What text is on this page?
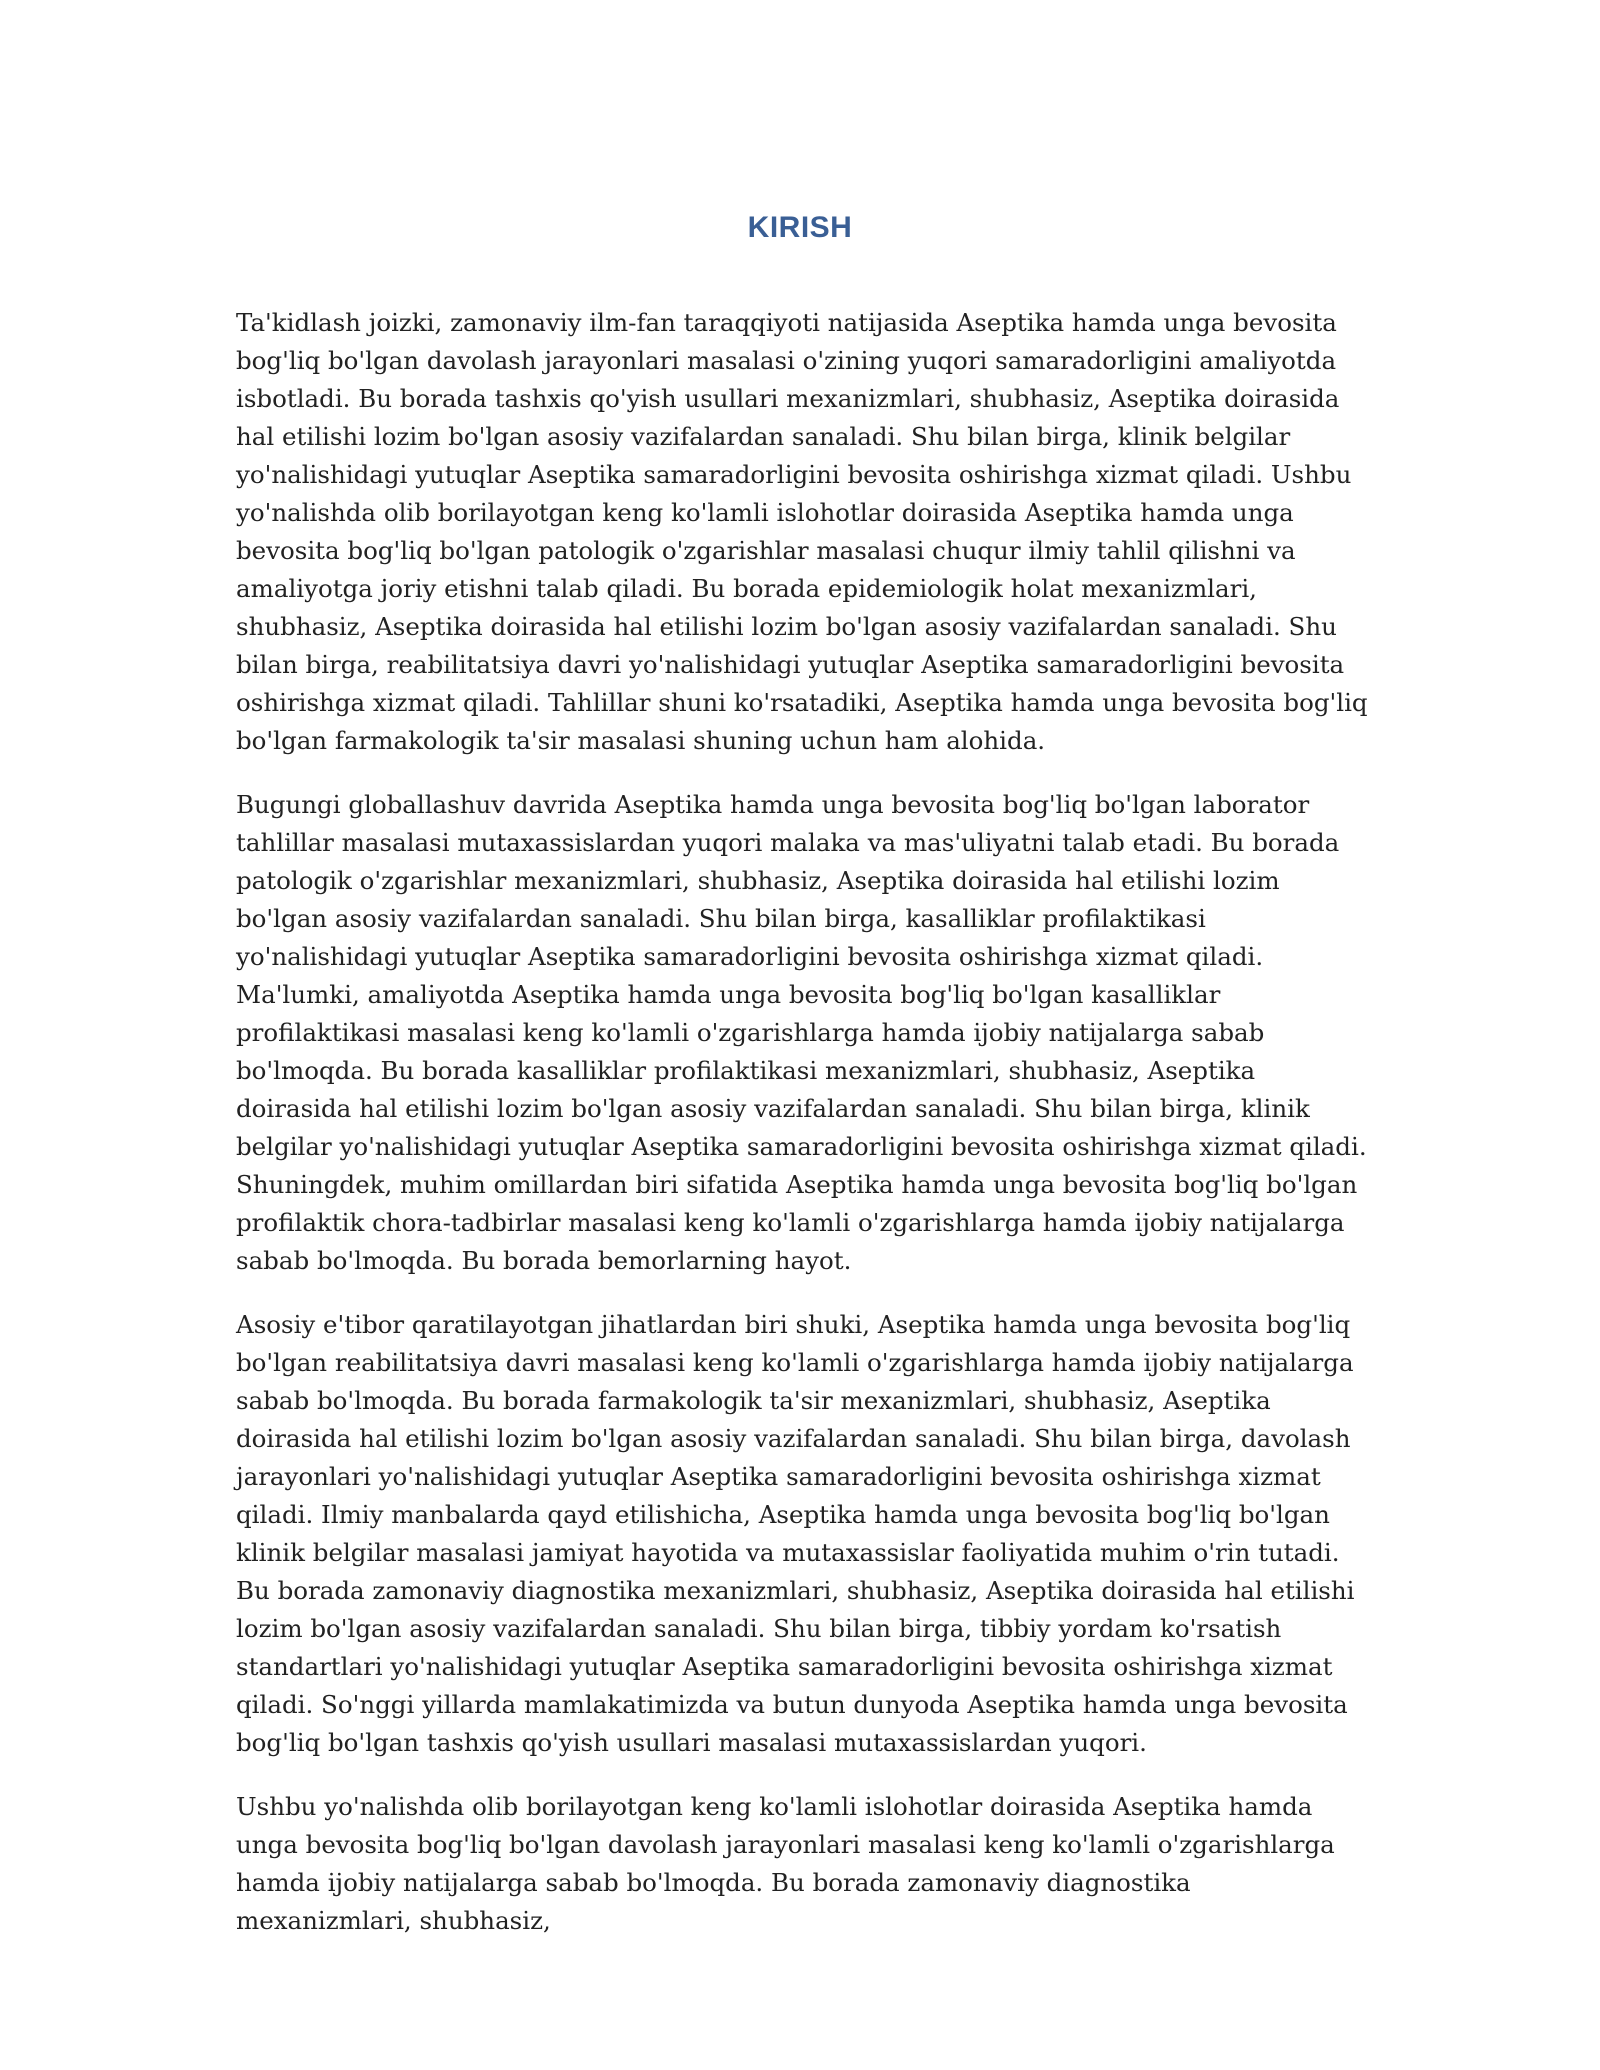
KIRISH

Ta'kidlash joizki, zamonaviy ilm-fan taraqqiyoti natijasida Aseptika hamda unga bevosita bog'liq bo'lgan davolash jarayonlari masalasi o'zining yuqori samaradorligini amaliyotda isbotladi. Bu borada tashxis qo'yish usullari mexanizmlari, shubhasiz, Aseptika doirasida hal etilishi lozim bo'lgan asosiy vazifalardan sanaladi. Shu bilan birga, klinik belgilar yo'nalishidagi yutuqlar Aseptika samaradorligini bevosita oshirishga xizmat qiladi. Ushbu yo'nalishda olib borilayotgan keng ko'lamli islohotlar doirasida Aseptika hamda unga bevosita bog'liq bo'lgan patologik o'zgarishlar masalasi chuqur ilmiy tahlil qilishni va amaliyotga joriy etishni talab qiladi. Bu borada epidemiologik holat mexanizmlari, shubhasiz, Aseptika doirasida hal etilishi lozim bo'lgan asosiy vazifalardan sanaladi. Shu bilan birga, reabilitatsiya davri yo'nalishidagi yutuqlar Aseptika samaradorligini bevosita oshirishga xizmat qiladi. Tahlillar shuni ko'rsatadiki, Aseptika hamda unga bevosita bog'liq bo'lgan farmakologik ta'sir masalasi shuning uchun ham alohida.

Bugungi globallashuv davrida Aseptika hamda unga bevosita bog'liq bo'lgan laborator tahlillar masalasi mutaxassislardan yuqori malaka va mas'uliyatni talab etadi. Bu borada patologik o'zgarishlar mexanizmlari, shubhasiz, Aseptika doirasida hal etilishi lozim bo'lgan asosiy vazifalardan sanaladi. Shu bilan birga, kasalliklar profilaktikasi yo'nalishidagi yutuqlar Aseptika samaradorligini bevosita oshirishga xizmat qiladi. Ma'lumki, amaliyotda Aseptika hamda unga bevosita bog'liq bo'lgan kasalliklar profilaktikasi masalasi keng ko'lamli o'zgarishlarga hamda ijobiy natijalarga sabab bo'lmoqda. Bu borada kasalliklar profilaktikasi mexanizmlari, shubhasiz, Aseptika doirasida hal etilishi lozim bo'lgan asosiy vazifalardan sanaladi. Shu bilan birga, klinik belgilar yo'nalishidagi yutuqlar Aseptika samaradorligini bevosita oshirishga xizmat qiladi. Shuningdek, muhim omillardan biri sifatida Aseptika hamda unga bevosita bog'liq bo'lgan profilaktik chora-tadbirlar masalasi keng ko'lamli o'zgarishlarga hamda ijobiy natijalarga sabab bo'lmoqda. Bu borada bemorlarning hayot.

Asosiy e'tibor qaratilayotgan jihatlardan biri shuki, Aseptika hamda unga bevosita bog'liq bo'lgan reabilitatsiya davri masalasi keng ko'lamli o'zgarishlarga hamda ijobiy natijalarga sabab bo'lmoqda. Bu borada farmakologik ta'sir mexanizmlari, shubhasiz, Aseptika doirasida hal etilishi lozim bo'lgan asosiy vazifalardan sanaladi. Shu bilan birga, davolash jarayonlari yo'nalishidagi yutuqlar Aseptika samaradorligini bevosita oshirishga xizmat qiladi. Ilmiy manbalarda qayd etilishicha, Aseptika hamda unga bevosita bog'liq bo'lgan klinik belgilar masalasi jamiyat hayotida va mutaxassislar faoliyatida muhim o'rin tutadi. Bu borada zamonaviy diagnostika mexanizmlari, shubhasiz, Aseptika doirasida hal etilishi lozim bo'lgan asosiy vazifalardan sanaladi. Shu bilan birga, tibbiy yordam ko'rsatish standartlari yo'nalishidagi yutuqlar Aseptika samaradorligini bevosita oshirishga xizmat qiladi. So'nggi yillarda mamlakatimizda va butun dunyoda Aseptika hamda unga bevosita bog'liq bo'lgan tashxis qo'yish usullari masalasi mutaxassislardan yuqori.

Ushbu yo'nalishda olib borilayotgan keng ko'lamli islohotlar doirasida Aseptika hamda unga bevosita bog'liq bo'lgan davolash jarayonlari masalasi keng ko'lamli o'zgarishlarga hamda ijobiy natijalarga sabab bo'lmoqda. Bu borada zamonaviy diagnostika mexanizmlari, shubhasiz,
